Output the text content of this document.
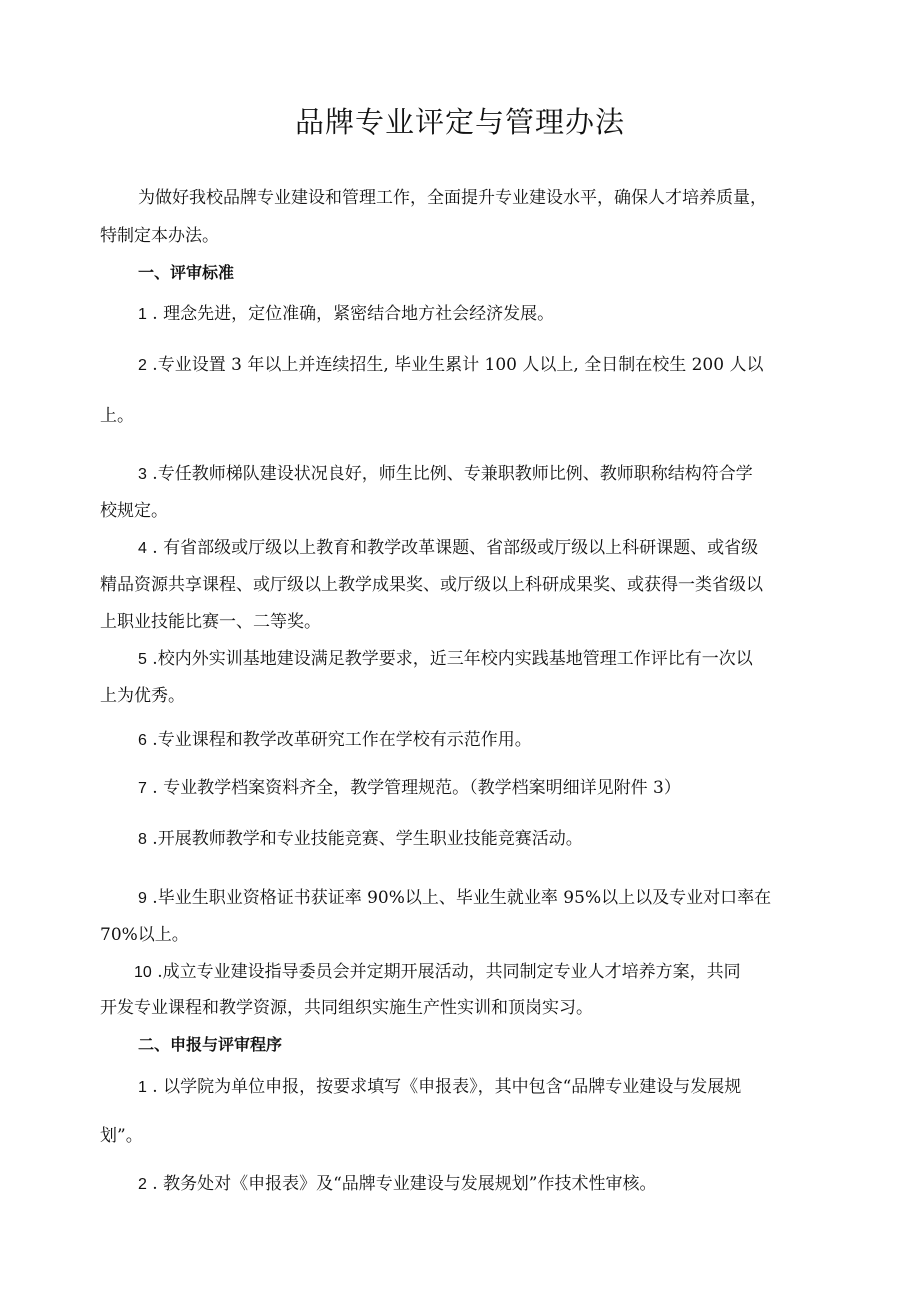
品牌专业评定与管理办法
为做好我校品牌专业建设和管理工作，全面提升专业建设水平，确保人才培养质量，
特制定本办法。
一、评审标准
1 . 理念先进，定位准确，紧密结合地方社会经济发展。
2 .专业设置 3 年以上并连续招生, 毕业生累计 100 人以上, 全日制在校生 200 人以
上。
3 .专任教师梯队建设状况良好，师生比例、专兼职教师比例、教师职称结构符合学
校规定。
4 . 有省部级或厅级以上教育和教学改革课题、省部级或厅级以上科研课题、或省级
精品资源共享课程、或厅级以上教学成果奖、或厅级以上科研成果奖、或获得一类省级以
上职业技能比赛一、二等奖。
5 .校内外实训基地建设满足教学要求，近三年校内实践基地管理工作评比有一次以
上为优秀。
6 .专业课程和教学改革研究工作在学校有示范作用。
7 . 专业教学档案资料齐全，教学管理规范。（教学档案明细详见附件 3）
8 .开展教师教学和专业技能竞赛、学生职业技能竞赛活动。
9 .毕业生职业资格证书获证率 90%以上、毕业生就业率 95%以上以及专业对口率在
70%以上。
10 .成立专业建设指导委员会并定期开展活动，共同制定专业人才培养方案，共同
开发专业课程和教学资源，共同组织实施生产性实训和顶岗实习。
二、申报与评审程序
1 . 以学院为单位申报，按要求填写《申报表》，其中包含“品牌专业建设与发展规
划”。
2 . 教务处对《申报表》及“品牌专业建设与发展规划”作技术性审核。
